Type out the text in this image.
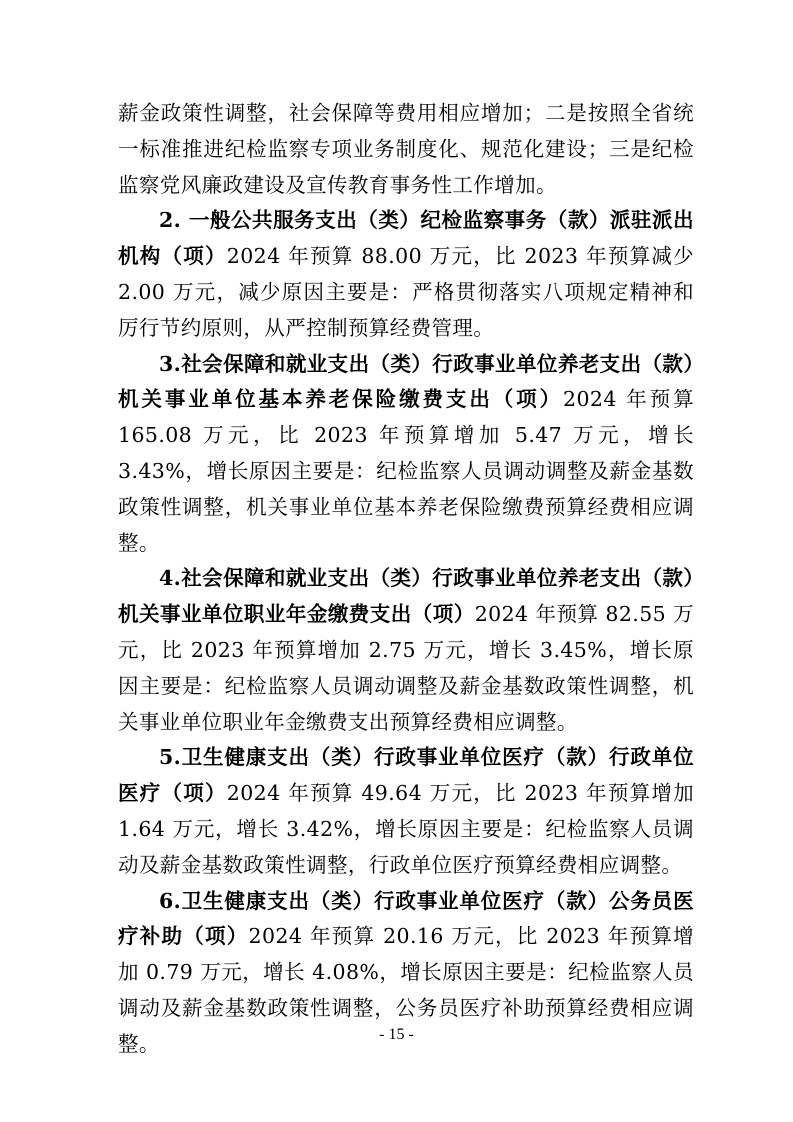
薪金政策性调整，社会保障等费用相应增加；二是按照全省统一标准推进纪检监察专项业务制度化、规范化建设；三是纪检监察党风廉政建设及宣传教育事务性工作增加。

2. 一般公共服务支出（类）纪检监察事务（款）派驻派出机构（项）2024 年预算 88.00 万元，比 2023 年预算减少 2.00 万元，减少原因主要是：严格贯彻落实八项规定精神和厉行节约原则，从严控制预算经费管理。

3.社会保障和就业支出（类）行政事业单位养老支出（款）机关事业单位基本养老保险缴费支出（项）2024 年预算 165.08 万元，比 2023 年预算增加 5.47 万元，增长 3.43%，增长原因主要是：纪检监察人员调动调整及薪金基数政策性调整，机关事业单位基本养老保险缴费预算经费相应调整。

4.社会保障和就业支出（类）行政事业单位养老支出（款）机关事业单位职业年金缴费支出（项）2024 年预算 82.55 万元，比 2023 年预算增加 2.75 万元，增长 3.45%，增长原因主要是：纪检监察人员调动调整及薪金基数政策性调整，机关事业单位职业年金缴费支出预算经费相应调整。

5.卫生健康支出（类）行政事业单位医疗（款）行政单位医疗（项）2024 年预算 49.64 万元，比 2023 年预算增加 1.64 万元，增长 3.42%，增长原因主要是：纪检监察人员调动及薪金基数政策性调整，行政单位医疗预算经费相应调整。

6.卫生健康支出（类）行政事业单位医疗（款）公务员医疗补助（项）2024 年预算 20.16 万元，比 2023 年预算增加 0.79 万元，增长 4.08%，增长原因主要是：纪检监察人员调动及薪金基数政策性调整，公务员医疗补助预算经费相应调整。	- 15 -
